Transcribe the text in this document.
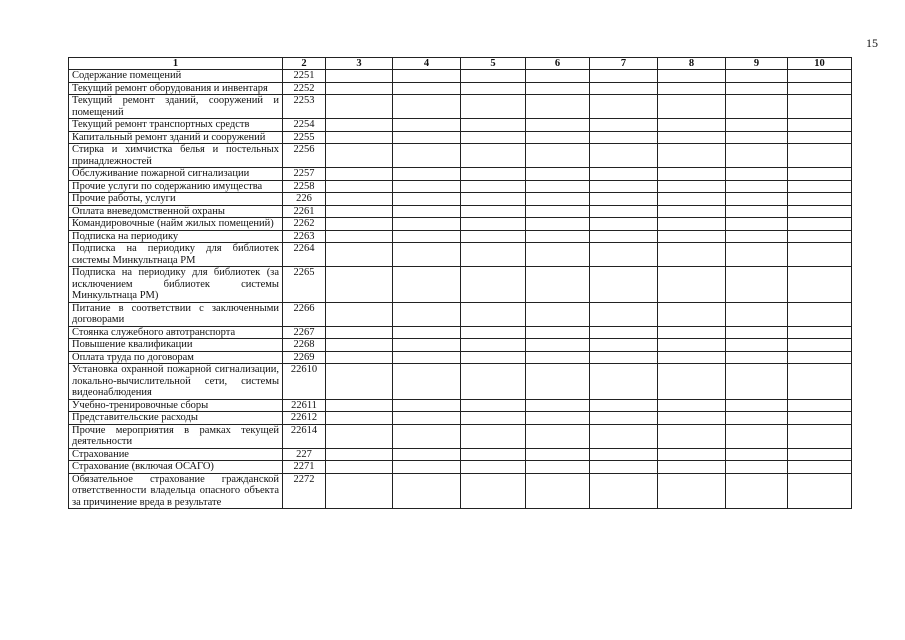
15
1	2	3	4	5	6	7	8	9	10
Содержание помещений	2251								
Текущий ремонт оборудования и инвентаря	2252								
Текущий ремонт зданий, сооружений и помещений	2253								
Текущий ремонт транспортных средств	2254								
Капитальный ремонт зданий и сооружений	2255								
Стирка и химчистка белья и постельных принадлежностей	2256								
Обслуживание пожарной сигнализации	2257								
Прочие услуги по содержанию имущества	2258								
Прочие работы, услуги	226								
Оплата вневедомственной охраны	2261								
Командировочные (найм жилых помещений)	2262								
Подписка на периодику	2263								
Подписка на периодику для библиотек системы Минкультнаца РМ	2264								
Подписка на периодику для библиотек (за исключением библиотек системы Минкультнаца РМ)	2265								
Питание в соответствии с заключенными договорами	2266								
Стоянка служебного автотранспорта	2267								
Повышение квалификации	2268								
Оплата труда по договорам	2269								
Установка охранной пожарной сигнализации, локально-вычислительной сети, системы видеонаблюдения	22610								
Учебно-тренировочные сборы	22611								
Представительские расходы	22612								
Прочие мероприятия в рамках текущей деятельности	22614								
Страхование	227								
Страхование (включая ОСАГО)	2271								
Обязательное страхование гражданской ответственности владельца опасного объекта за причинение вреда в результате	2272								
